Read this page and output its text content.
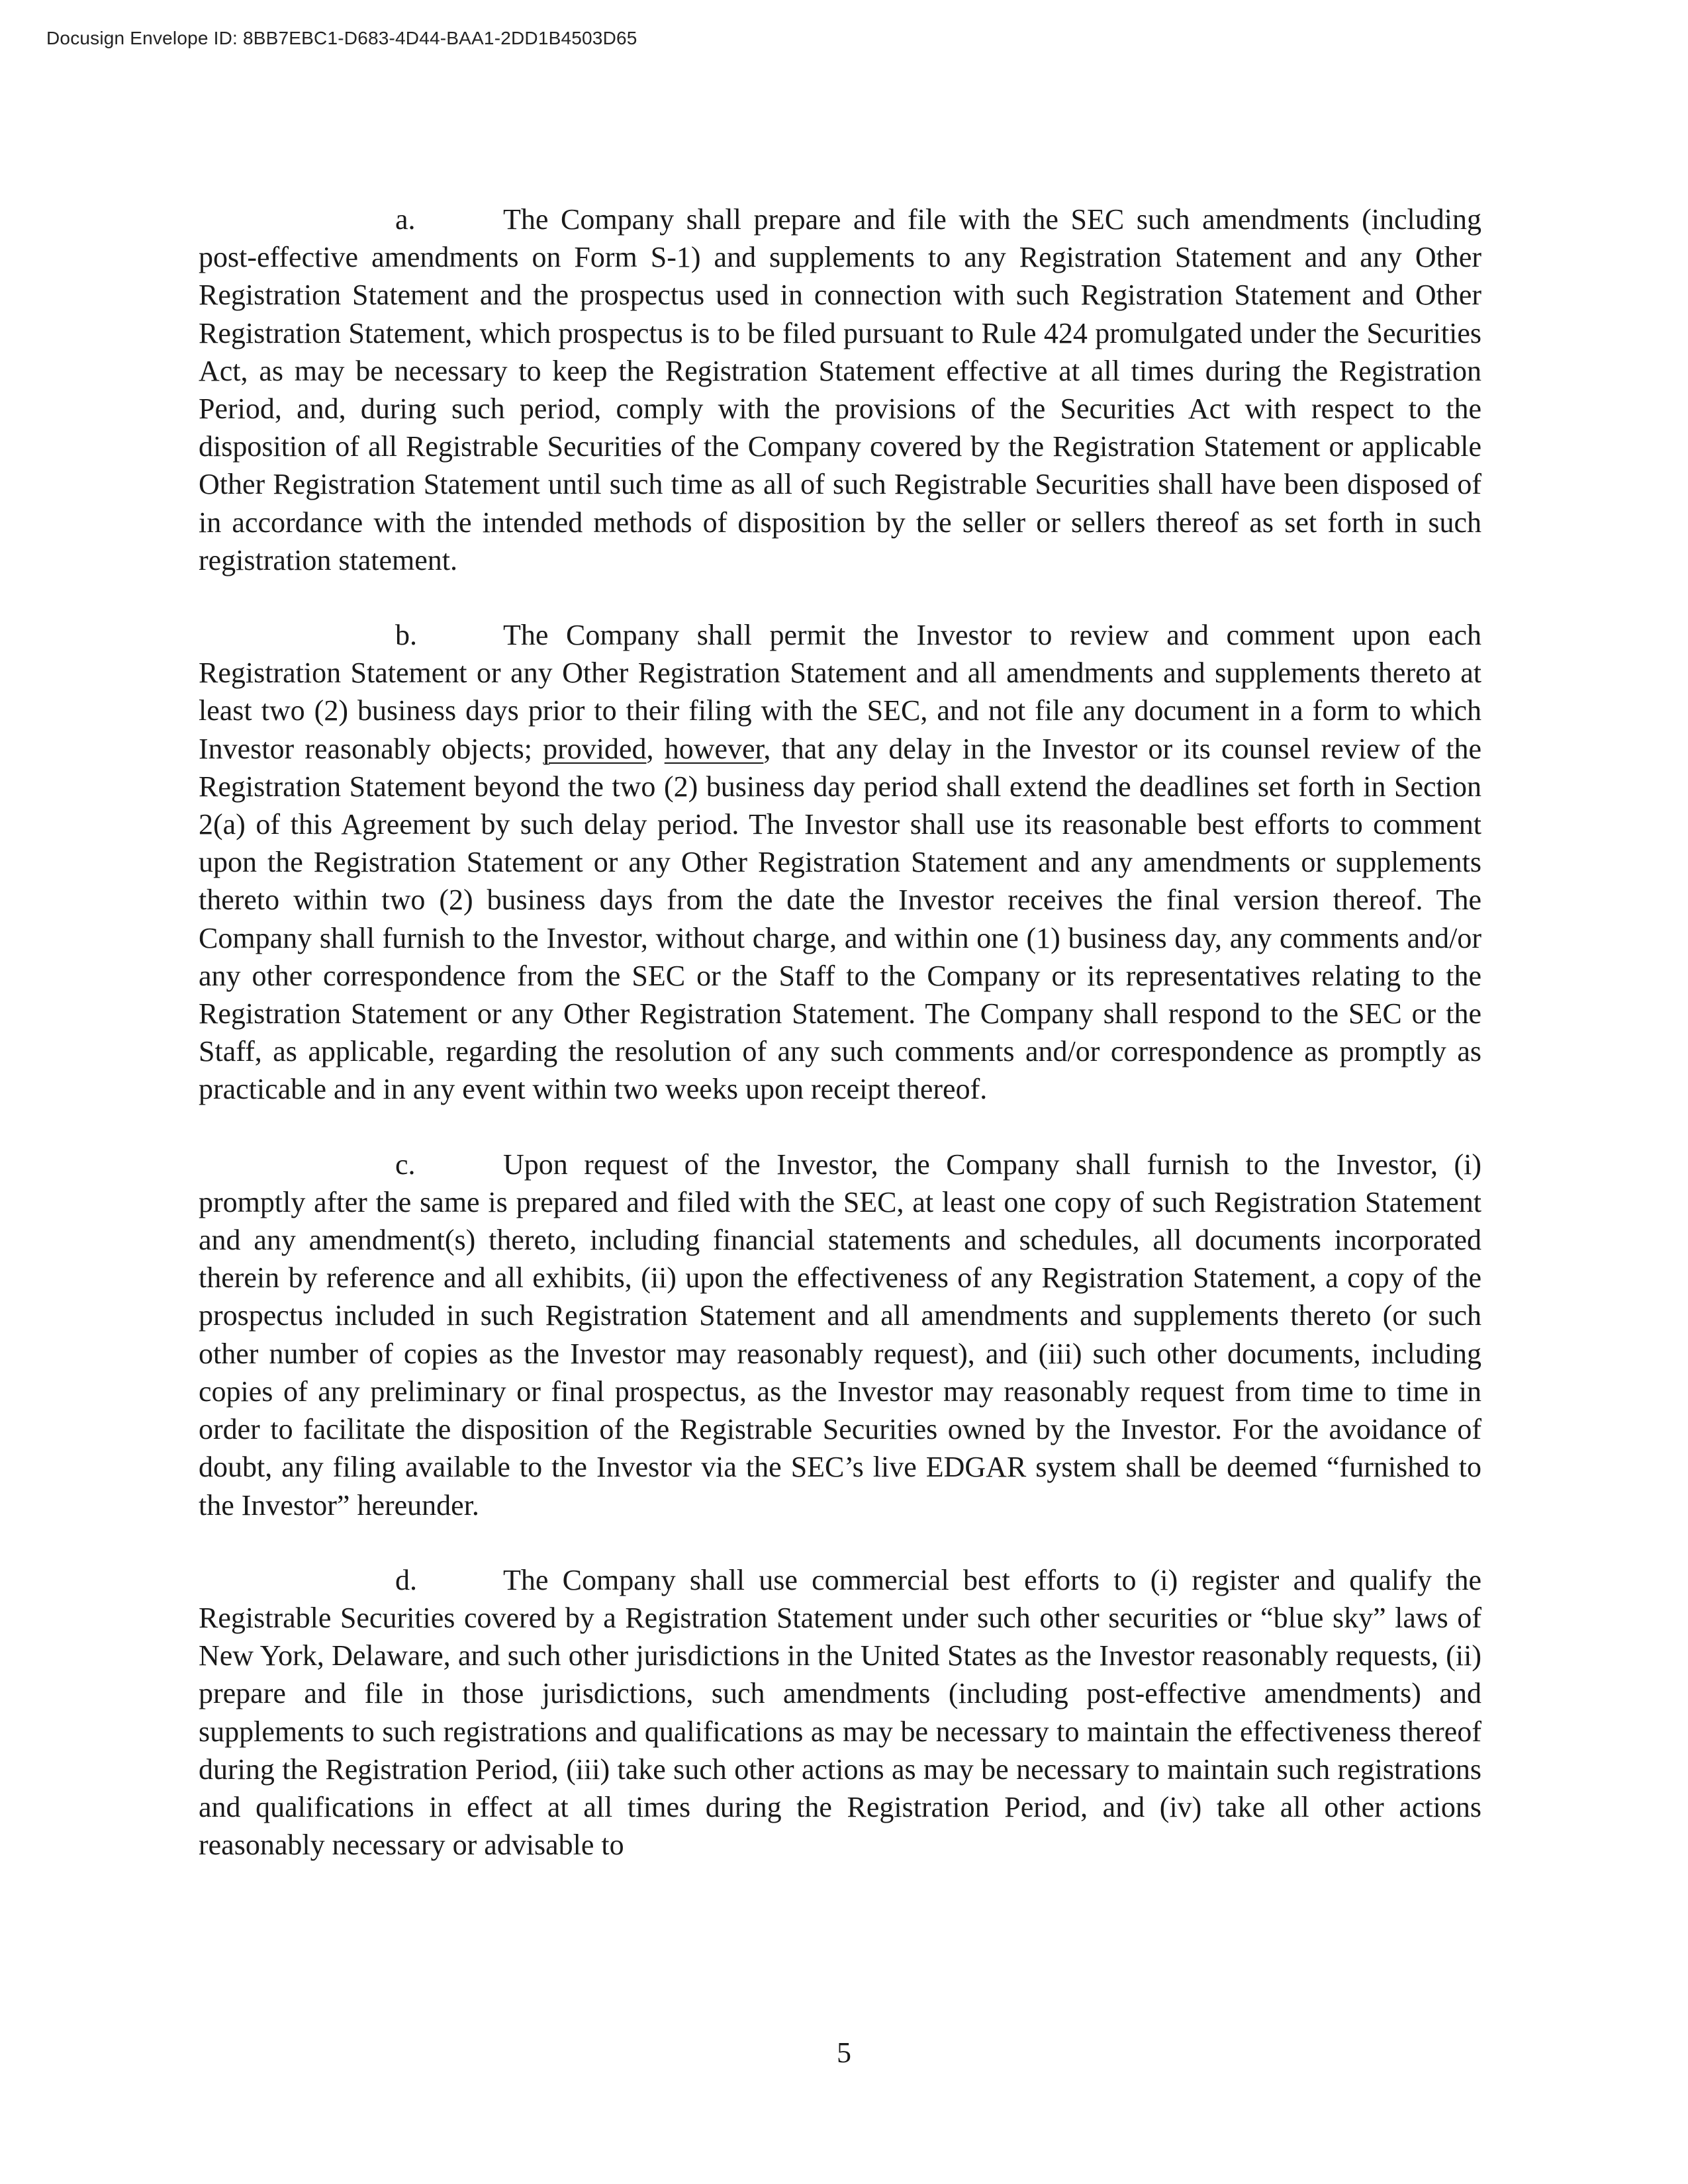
Docusign Envelope ID: 8BB7EBC1-D683-4D44-BAA1-2DD1B4503D65

a.	The Company shall prepare and file with the SEC such amendments (including post-effective amendments on Form S-1) and supplements to any Registration Statement and any Other Registration Statement and the prospectus used in connection with such Registration Statement and Other Registration Statement, which prospectus is to be filed pursuant to Rule 424 promulgated under the Securities Act, as may be necessary to keep the Registration Statement effective at all times during the Registration Period, and, during such period, comply with the provisions of the Securities Act with respect to the disposition of all Registrable Securities of the Company covered by the Registration Statement or applicable Other Registration Statement until such time as all of such Registrable Securities shall have been disposed of in accordance with the intended methods of disposition by the seller or sellers thereof as set forth in such registration statement.

b.	The Company shall permit the Investor to review and comment upon each Registration Statement or any Other Registration Statement and all amendments and supplements thereto at least two (2) business days prior to their filing with the SEC, and not file any document in a form to which Investor reasonably objects; provided, however, that any delay in the Investor or its counsel review of the Registration Statement beyond the two (2) business day period shall extend the deadlines set forth in Section 2(a) of this Agreement by such delay period. The Investor shall use its reasonable best efforts to comment upon the Registration Statement or any Other Registration Statement and any amendments or supplements thereto within two (2) business days from the date the Investor receives the final version thereof. The Company shall furnish to the Investor, without charge, and within one (1) business day, any comments and/or any other correspondence from the SEC or the Staff to the Company or its representatives relating to the Registration Statement or any Other Registration Statement. The Company shall respond to the SEC or the Staff, as applicable, regarding the resolution of any such comments and/or correspondence as promptly as practicable and in any event within two weeks upon receipt thereof.

c.	Upon request of the Investor, the Company shall furnish to the Investor, (i) promptly after the same is prepared and filed with the SEC, at least one copy of such Registration Statement and any amendment(s) thereto, including financial statements and schedules, all documents incorporated therein by reference and all exhibits, (ii) upon the effectiveness of any Registration Statement, a copy of the prospectus included in such Registration Statement and all amendments and supplements thereto (or such other number of copies as the Investor may reasonably request), and (iii) such other documents, including copies of any preliminary or final prospectus, as the Investor may reasonably request from time to time in order to facilitate the disposition of the Registrable Securities owned by the Investor. For the avoidance of doubt, any filing available to the Investor via the SEC’s live EDGAR system shall be deemed “furnished to the Investor” hereunder.

d.	The Company shall use commercial best efforts to (i) register and qualify the Registrable Securities covered by a Registration Statement under such other securities or “blue sky” laws of New York, Delaware, and such other jurisdictions in the United States as the Investor reasonably requests, (ii) prepare and file in those jurisdictions, such amendments (including post-effective amendments) and supplements to such registrations and qualifications as may be necessary to maintain the effectiveness thereof during the Registration Period, (iii) take such other actions as may be necessary to maintain such registrations and qualifications in effect at all times during the Registration Period, and (iv) take all other actions reasonably necessary or advisable to

5
